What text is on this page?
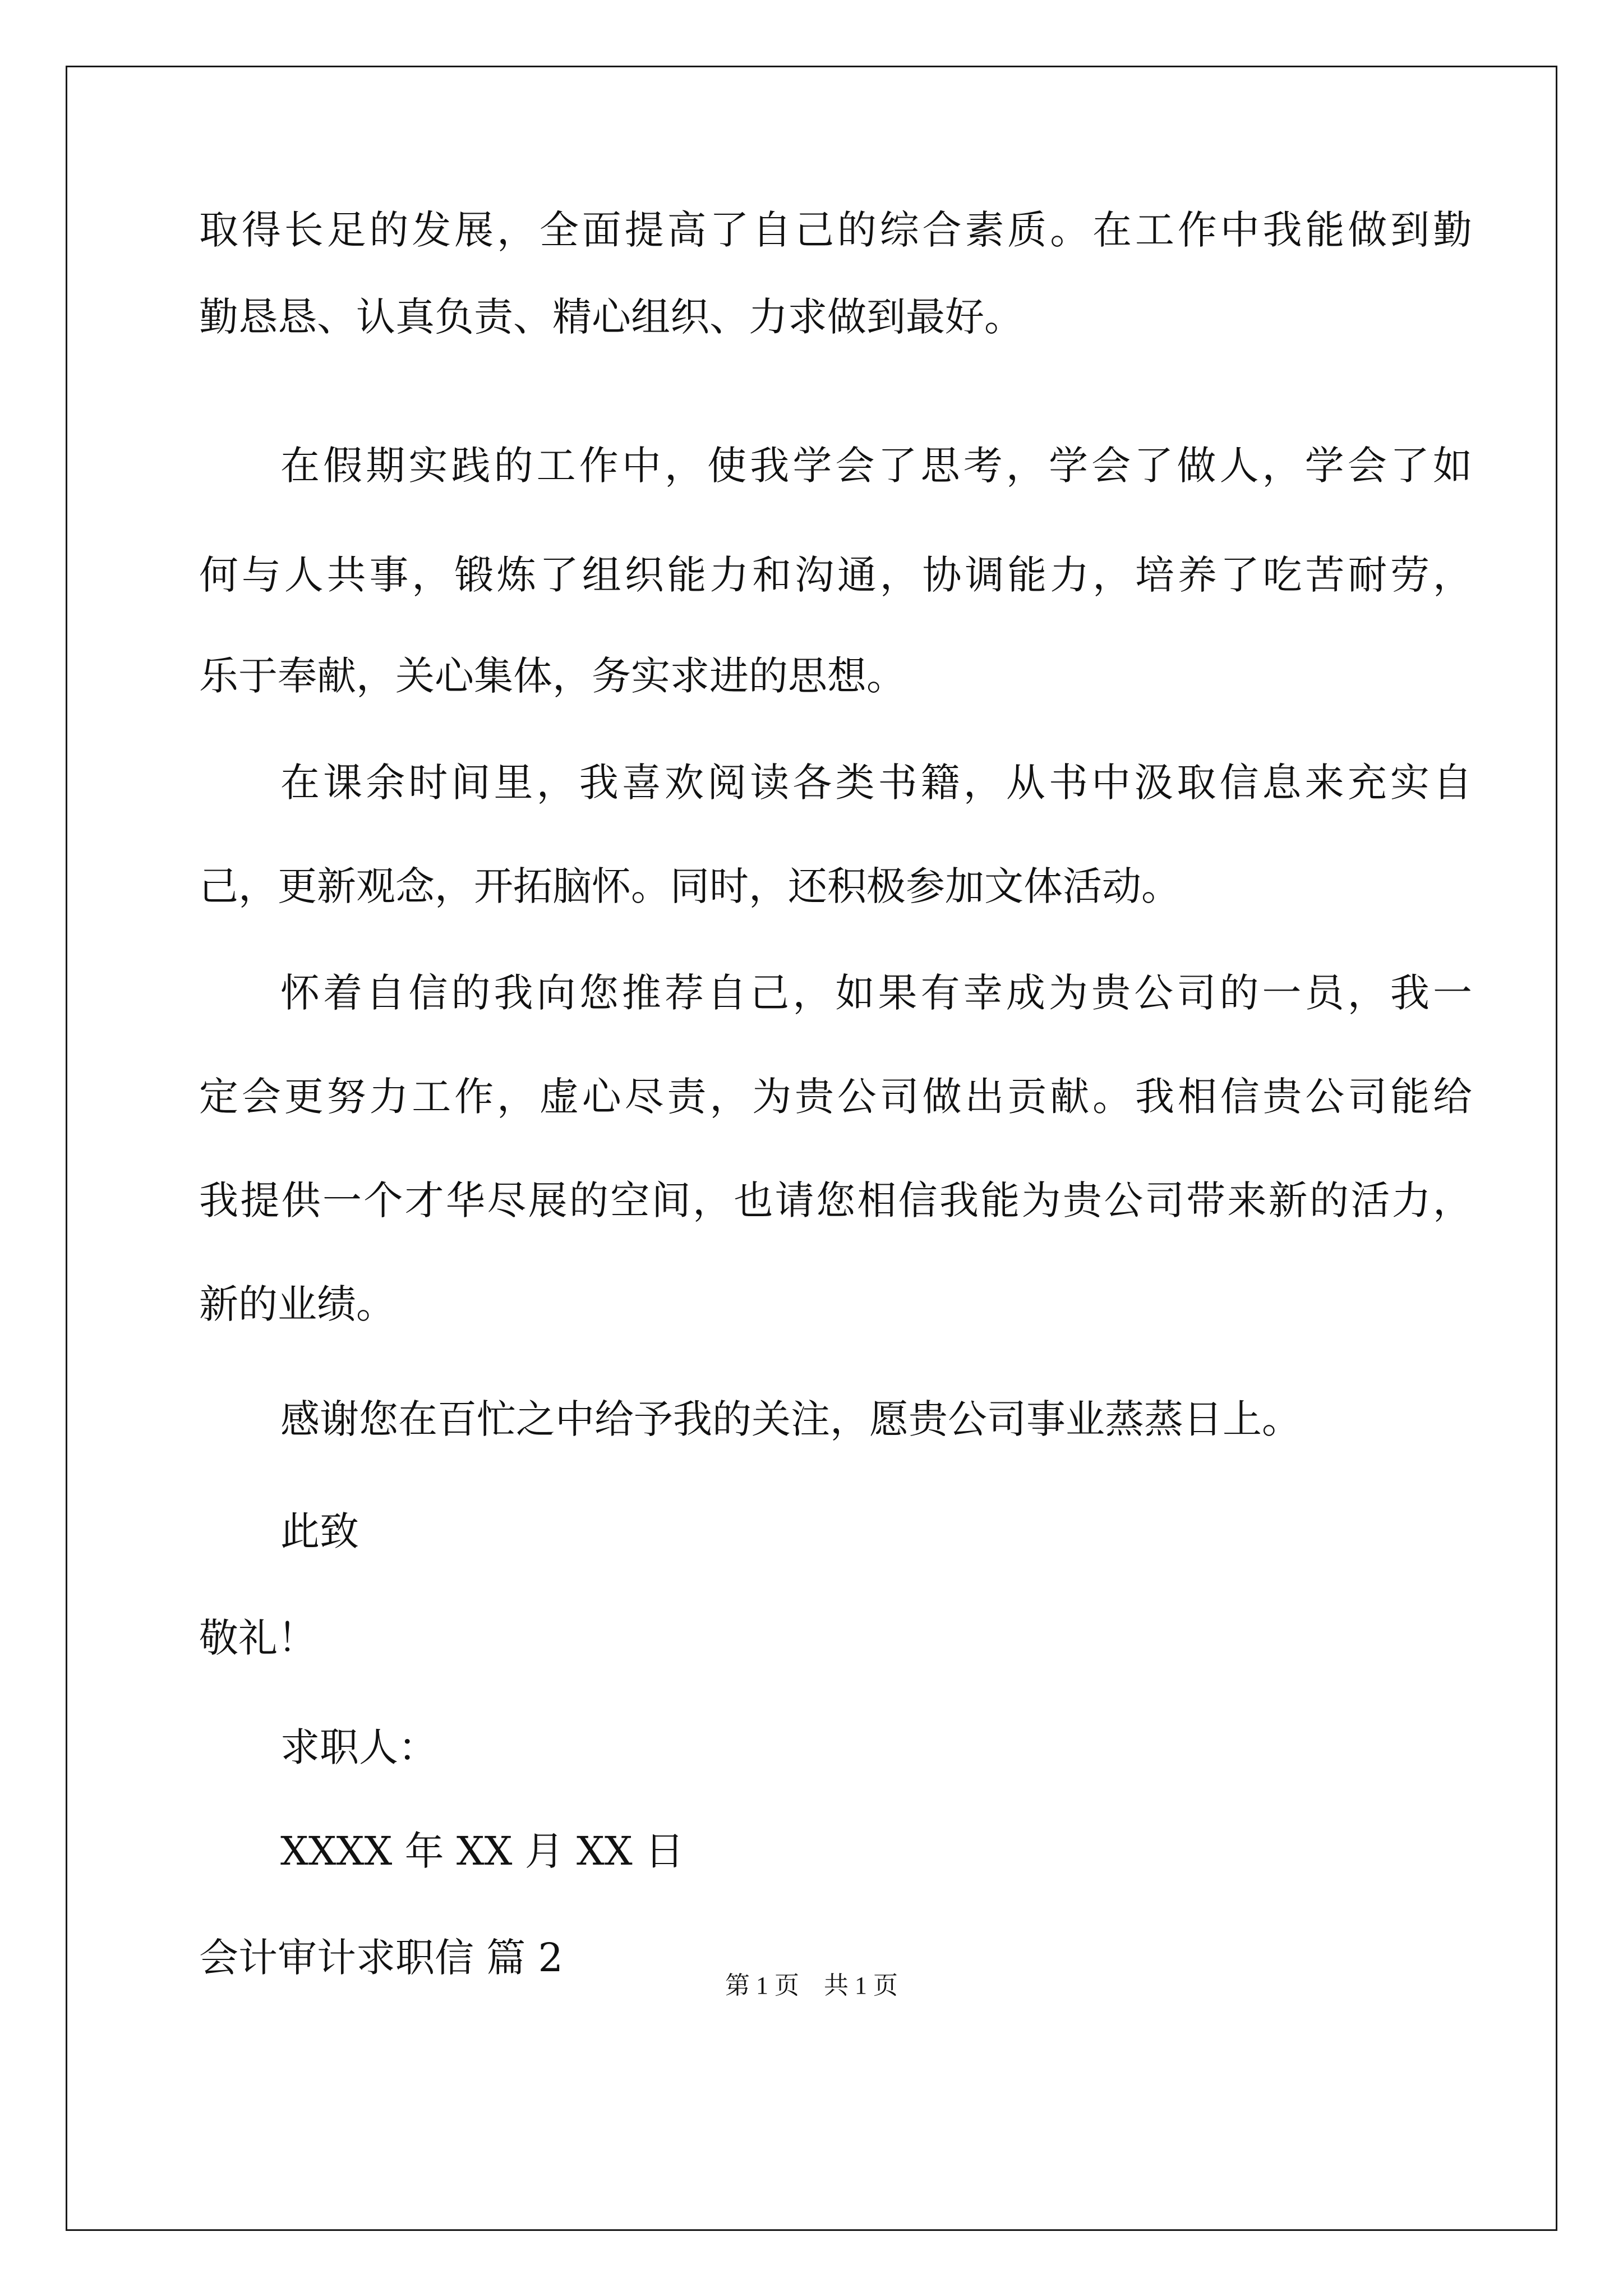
取得长足的发展，全面提高了自己的综合素质。在工作中我能做到勤
勤恳恳、认真负责、精心组织、力求做到最好。
在假期实践的工作中，使我学会了思考，学会了做人，学会了如
何与人共事，锻炼了组织能力和沟通，协调能力，培养了吃苦耐劳，
乐于奉献，关心集体，务实求进的思想。
在课余时间里，我喜欢阅读各类书籍，从书中汲取信息来充实自
己，更新观念，开拓脑怀。同时，还积极参加文体活动。
怀着自信的我向您推荐自己，如果有幸成为贵公司的一员，我一
定会更努力工作，虚心尽责，为贵公司做出贡献。我相信贵公司能给
我提供一个才华尽展的空间，也请您相信我能为贵公司带来新的活力，
新的业绩。
感谢您在百忙之中给予我的关注，愿贵公司事业蒸蒸日上。
此致
敬礼！
求职人：
XXXX 年 XX 月 XX 日
会计审计求职信 篇 2
第 1 页　共 1 页
